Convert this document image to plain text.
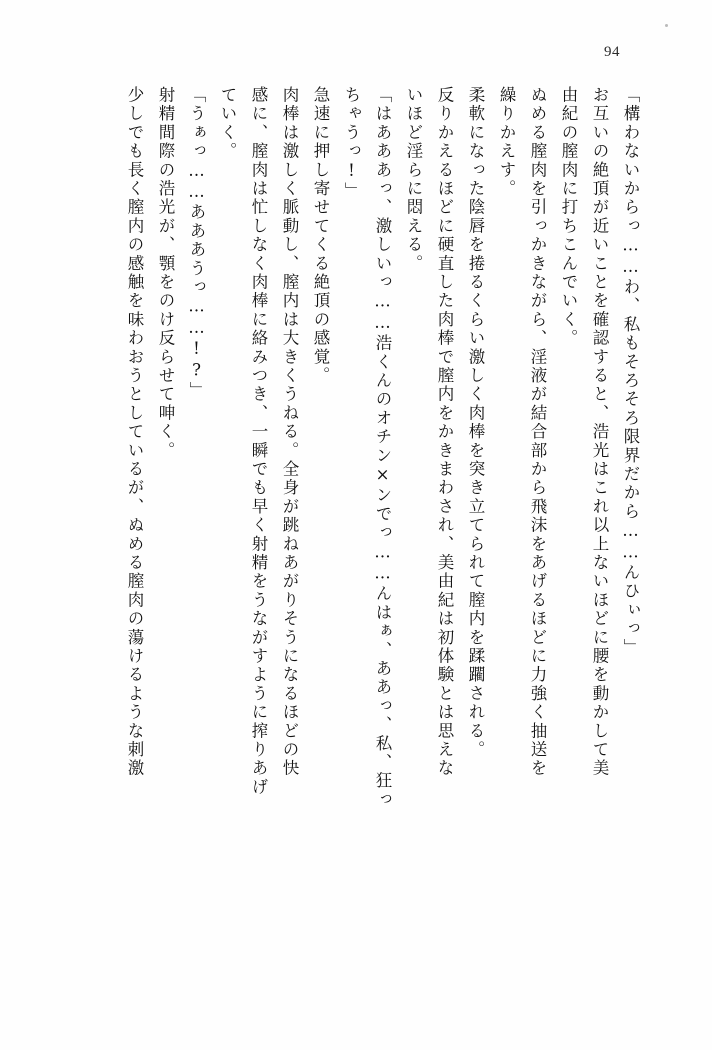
94
「構わないからっ……わ、私もそろそろ限界だから……んひぃっ」
お互いの絶頂が近いことを確認すると、浩光はこれ以上ないほどに腰を動かして美
由紀の膣肉に打ちこんでいく。
ぬめる膣肉を引っかきながら、淫液が結合部から飛沫をあげるほどに力強く抽送を
繰りかえす。
柔軟になった陰唇を捲るくらい激しく肉棒を突き立てられて膣内を蹂躙される。
反りかえるほどに硬直した肉棒で膣内をかきまわされ、美由紀は初体験とは思えな
いほど淫らに悶える。
「はあああっ、激しいっ……浩くんのオチン×ンでっ……んはぁ、ああっ、私、狂っ
ちゃうっ!」
急速に押し寄せてくる絶頂の感覚。
肉棒は激しく脈動し、膣内は大きくうねる。全身が跳ねあがりそうになるほどの快
感に、膣肉は忙しなく肉棒に絡みつき、一瞬でも早く射精をうながすように搾りあげ
ていく。
「うぁっ……あああうっ……!?」
射精間際の浩光が、顎をのけ反らせて呻く。
少しでも長く膣内の感触を味わおうとしているが、ぬめる膣肉の蕩けるような刺激
